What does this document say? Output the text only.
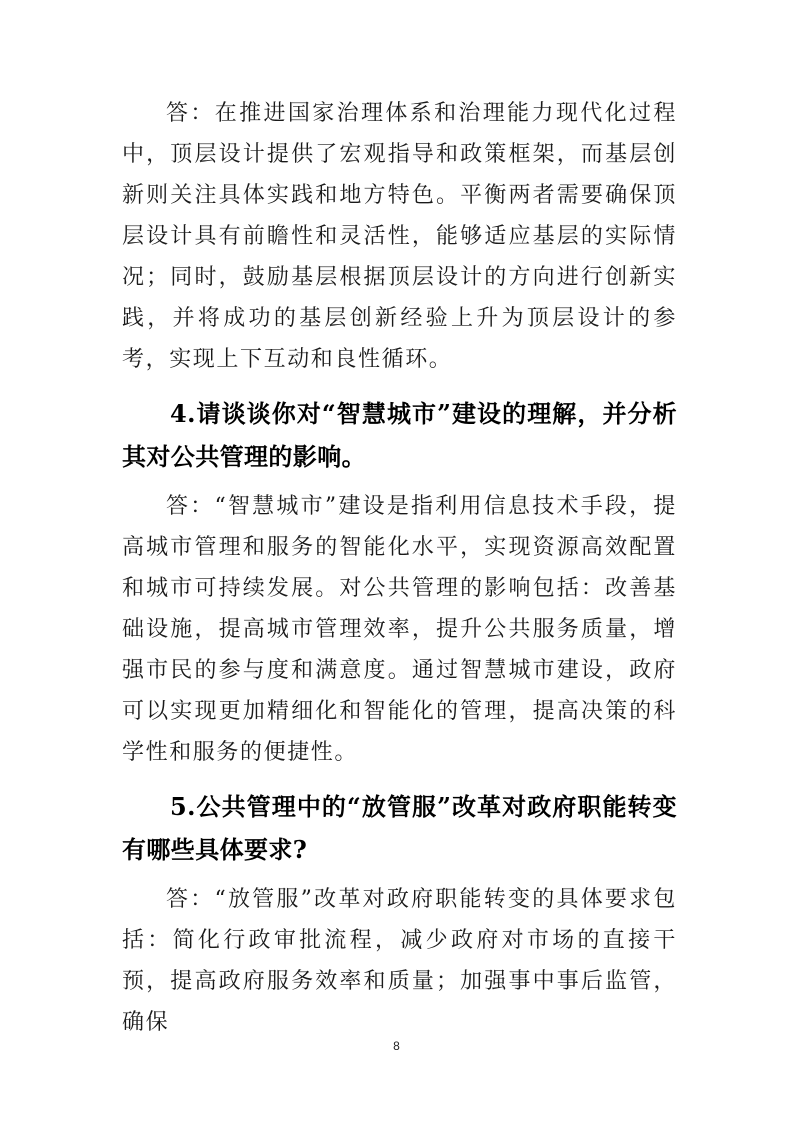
答：在推进国家治理体系和治理能力现代化过程中，顶层设计提供了宏观指导和政策框架，而基层创新则关注具体实践和地方特色。平衡两者需要确保顶层设计具有前瞻性和灵活性，能够适应基层的实际情况；同时，鼓励基层根据顶层设计的方向进行创新实践，并将成功的基层创新经验上升为顶层设计的参考，实现上下互动和良性循环。

4.请谈谈你对“智慧城市”建设的理解，并分析其对公共管理的影响。

答：“智慧城市”建设是指利用信息技术手段，提高城市管理和服务的智能化水平，实现资源高效配置和城市可持续发展。对公共管理的影响包括：改善基础设施，提高城市管理效率，提升公共服务质量，增强市民的参与度和满意度。通过智慧城市建设，政府可以实现更加精细化和智能化的管理，提高决策的科学性和服务的便捷性。

5.公共管理中的“放管服”改革对政府职能转变有哪些具体要求?

答：“放管服”改革对政府职能转变的具体要求包括：简化行政审批流程，减少政府对市场的直接干预，提高政府服务效率和质量；加强事中事后监管，确保

8
